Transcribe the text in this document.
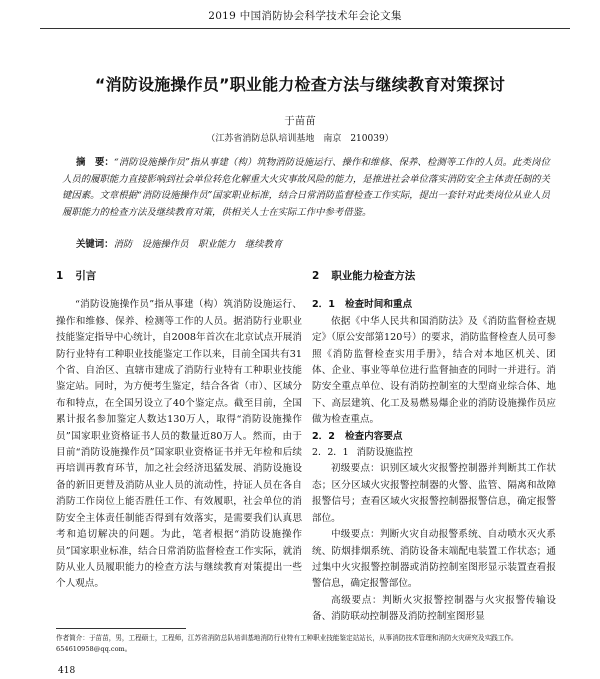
2019 中国消防协会科学技术年会论文集
“消防设施操作员”职业能力检查方法与继续教育对策探讨
于苗苗
（江苏省消防总队培训基地　南京　210039）
摘　要：“消防设施操作员”指从事建（构）筑物消防设施运行、操作和维修、保养、检测等工作的人员。此类岗位人员的履职能力直接影响到社会单位转危化解重大火灾事故风险的能力，是推进社会单位落实消防安全主体责任制的关键因素。文章根据“消防设施操作员”国家职业标准，结合日常消防监督检查工作实际，提出一套针对此类岗位从业人员履职能力的检查方法及继续教育对策，供相关人士在实际工作中参考借鉴。
关键词：消防　设施操作员　职业能力　继续教育
1 引言

“消防设施操作员”指从事建（构）筑消防设施运行、操作和维修、保养、检测等工作的人员。据消防行业职业技能鉴定指导中心统计，自2008年首次在北京试点开展消防行业特有工种职业技能鉴定工作以来，目前全国共有31个省、自治区、直辖市建成了消防行业特有工种职业技能鉴定站。同时，为方便考生鉴定，结合各省（市）、区域分布和特点，在全国另设立了40个鉴定点。截至目前，全国累计报名参加鉴定人数达130万人，取得“消防设施操作员”国家职业资格证书人员的数量近80万人。然而，由于目前“消防设施操作员”国家职业资格证书并无年检和后续再培训再教育环节，加之社会经济迅猛发展、消防设施设备的新旧更替及消防从业人员的流动性，持证人员在各自消防工作岗位上能否胜任工作、有效履职，社会单位的消防安全主体责任制能否得到有效落实，是需要我们认真思考和追切解决的问题。为此，笔者根据“消防设施操作员”国家职业标准，结合日常消防监督检查工作实际，就消防从业人员履职能力的检查方法与继续教育对策提出一些个人观点。

2 职业能力检查方法
2．1 检查时间和重点

依据《中华人民共和国消防法》及《消防监督检查规定》（原公安部第120号）的要求，消防监督检查人员可参照《消防监督检查实用手册》，结合对本地区机关、团体、企业、事业等单位进行监督抽查的同时一并进行。消防安全重点单位、设有消防控制室的大型商业综合体、地下、高层建筑、化工及易燃易爆企业的消防设施操作员应做为检查重点。

2．2 检查内容要点
2．2．1 消防设施监控

初级要点：识别区域火灾报警控制器并判断其工作状态；区分区域火灾报警控制器的火警、监管、隔离和故障报警信号；查看区域火灾报警控制器报警信息，确定报警部位。

中级要点：判断火灾自动报警系统、自动喷水灭火系统、防烟排烟系统、消防设备末端配电装置工作状态；通过集中火灾报警控制器或消防控制室图形显示装置查看报警信息，确定报警部位。

高级要点：判断火灾报警控制器与火灾报警传输设备、消防联动控制器及消防控制室图形显

作者简介：于苗苗，男，工程硕士，工程师，江苏省消防总队培训基地消防行业特有工种职业技能鉴定站站长，从事消防技术管理和消防火灾研究及实践工作。654610958@qq.com。
418
